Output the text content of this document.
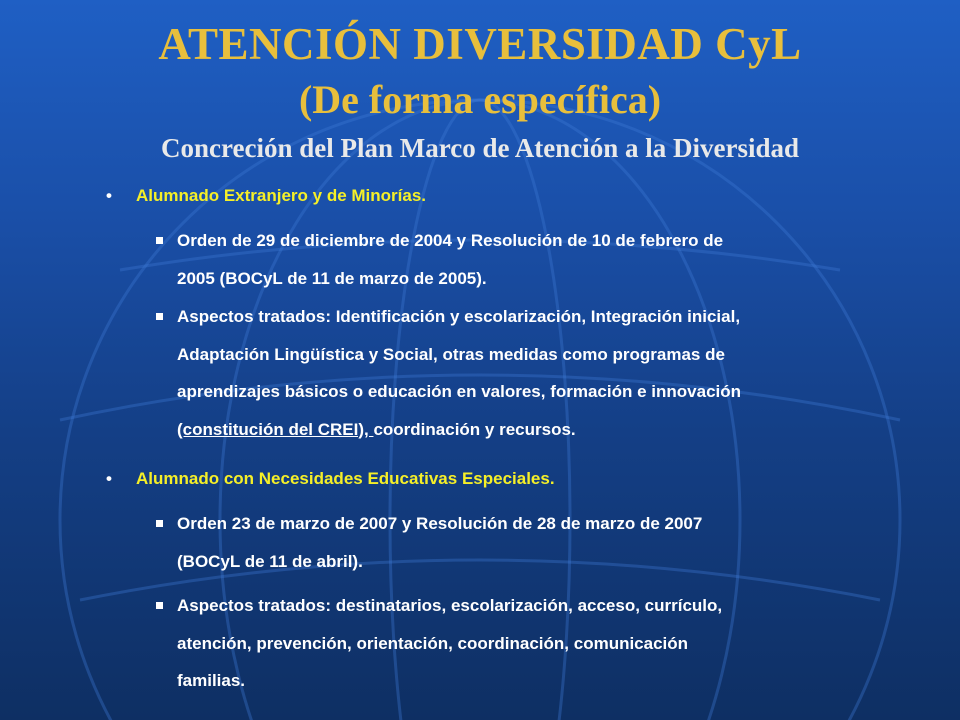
ATENCIÓN DIVERSIDAD CyL
(De forma específica)
Concreción del Plan Marco de Atención a la Diversidad
• Alumnado Extranjero y de Minorías.
Orden de 29 de diciembre de 2004 y Resolución de 10 de febrero de
2005 (BOCyL de 11 de marzo de 2005).
Aspectos tratados: Identificación y escolarización, Integración inicial,
Adaptación Lingüística y Social, otras medidas como programas de
aprendizajes básicos o educación en valores, formación e innovación
(constitución del CREI), coordinación y recursos.
• Alumnado con Necesidades Educativas Especiales.
Orden 23 de marzo de 2007 y Resolución de 28 de marzo de 2007
(BOCyL de 11 de abril).
Aspectos tratados: destinatarios, escolarización, acceso, currículo,
atención, prevención, orientación, coordinación, comunicación
familias.
